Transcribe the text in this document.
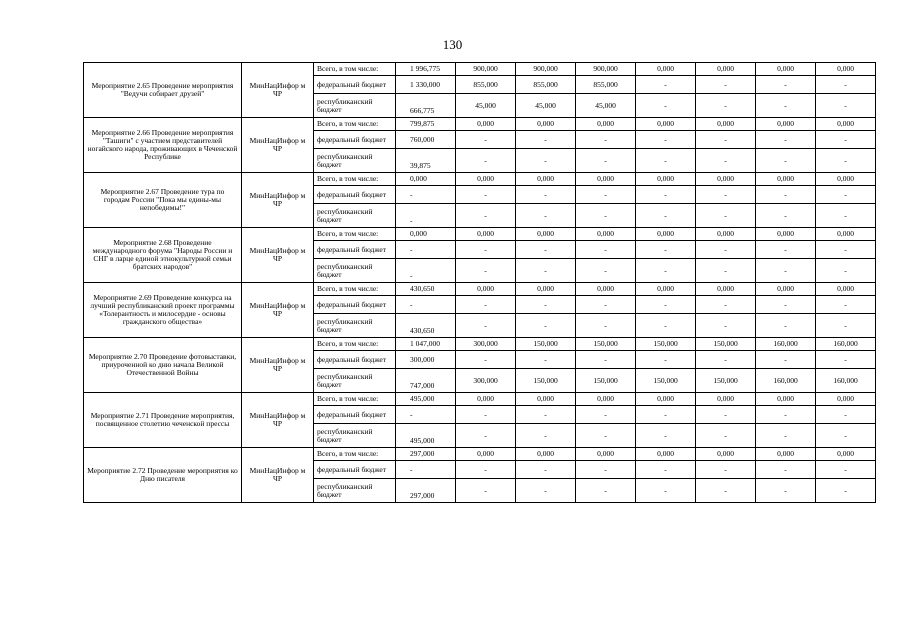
130
Мероприятие 2.65 Проведение мероприятия "Ведучи собирает друзей"	МинНацИнфор м ЧР	Всего, в том числе:	1 996,775	900,000	900,000	900,000	0,000	0,000	0,000	0,000
		федеральный бюджет	1 330,000	855,000	855,000	855,000	-	-	-	-
		республиканский бюджет	666,775	45,000	45,000	45,000	-	-	-	-
Мероприятие 2.66 Проведение мероприятия "Ташиги" с участием представителей ногайского народа, проживающих в Чеченской Республике	МинНацИнфор м ЧР	Всего, в том числе:	799,875	0,000	0,000	0,000	0,000	0,000	0,000	0,000
		федеральный бюджет	760,000	-	-	-	-	-	-	-
		республиканский бюджет	39,875	-	-	-	-	-	-	-
Мероприятие 2.67 Проведение тура по городам России "Пока мы едины-мы непобедимы!"	МинНацИнфор м ЧР	Всего, в том числе:	0,000	0,000	0,000	0,000	0,000	0,000	0,000	0,000
		федеральный бюджет	-	-	-	-	-	-	-	-
		республиканский бюджет	-	-	-	-	-	-	-	-
Мероприятие 2.68 Проведение международного форума "Народы России и СНГ в ларце единой этнокультурной семьи братских народов"	МинНацИнфор м ЧР	Всего, в том числе:	0,000	0,000	0,000	0,000	0,000	0,000	0,000	0,000
		федеральный бюджет	-	-	-	-	-	-	-	-
		республиканский бюджет	-	-	-	-	-	-	-	-
Мероприятие 2.69 Проведение конкурса на лучший республиканский проект программы «Толерантность и милосердие - основы гражданского общества»	МинНацИнфор м ЧР	Всего, в том числе:	430,650	0,000	0,000	0,000	0,000	0,000	0,000	0,000
		федеральный бюджет	-	-	-	-	-	-	-	-
		республиканский бюджет	430,650	-	-	-	-	-	-	-
Мероприятие 2.70 Проведение фотовыставки, приуроченной ко дню начала Великой Отечественной Войны	МинНацИнфор м ЧР	Всего, в том числе:	1 047,000	300,000	150,000	150,000	150,000	150,000	160,000	160,000
		федеральный бюджет	300,000	-	-	-	-	-	-	-
		республиканский бюджет	747,000	300,000	150,000	150,000	150,000	150,000	160,000	160,000
Мероприятие 2.71 Проведение мероприятия, посвященное столетию чеченской прессы	МинНацИнфор м ЧР	Всего, в том числе:	495,000	0,000	0,000	0,000	0,000	0,000	0,000	0,000
		федеральный бюджет	-	-	-	-	-	-	-	-
		республиканский бюджет	495,000	-	-	-	-	-	-	-
Мероприятие 2.72 Проведение мероприятия ко Дню писателя	МинНацИнфор м ЧР	Всего, в том числе:	297,000	0,000	0,000	0,000	0,000	0,000	0,000	0,000
		федеральный бюджет	-	-	-	-	-	-	-	-
		республиканский бюджет	297,000	-	-	-	-	-	-	-
